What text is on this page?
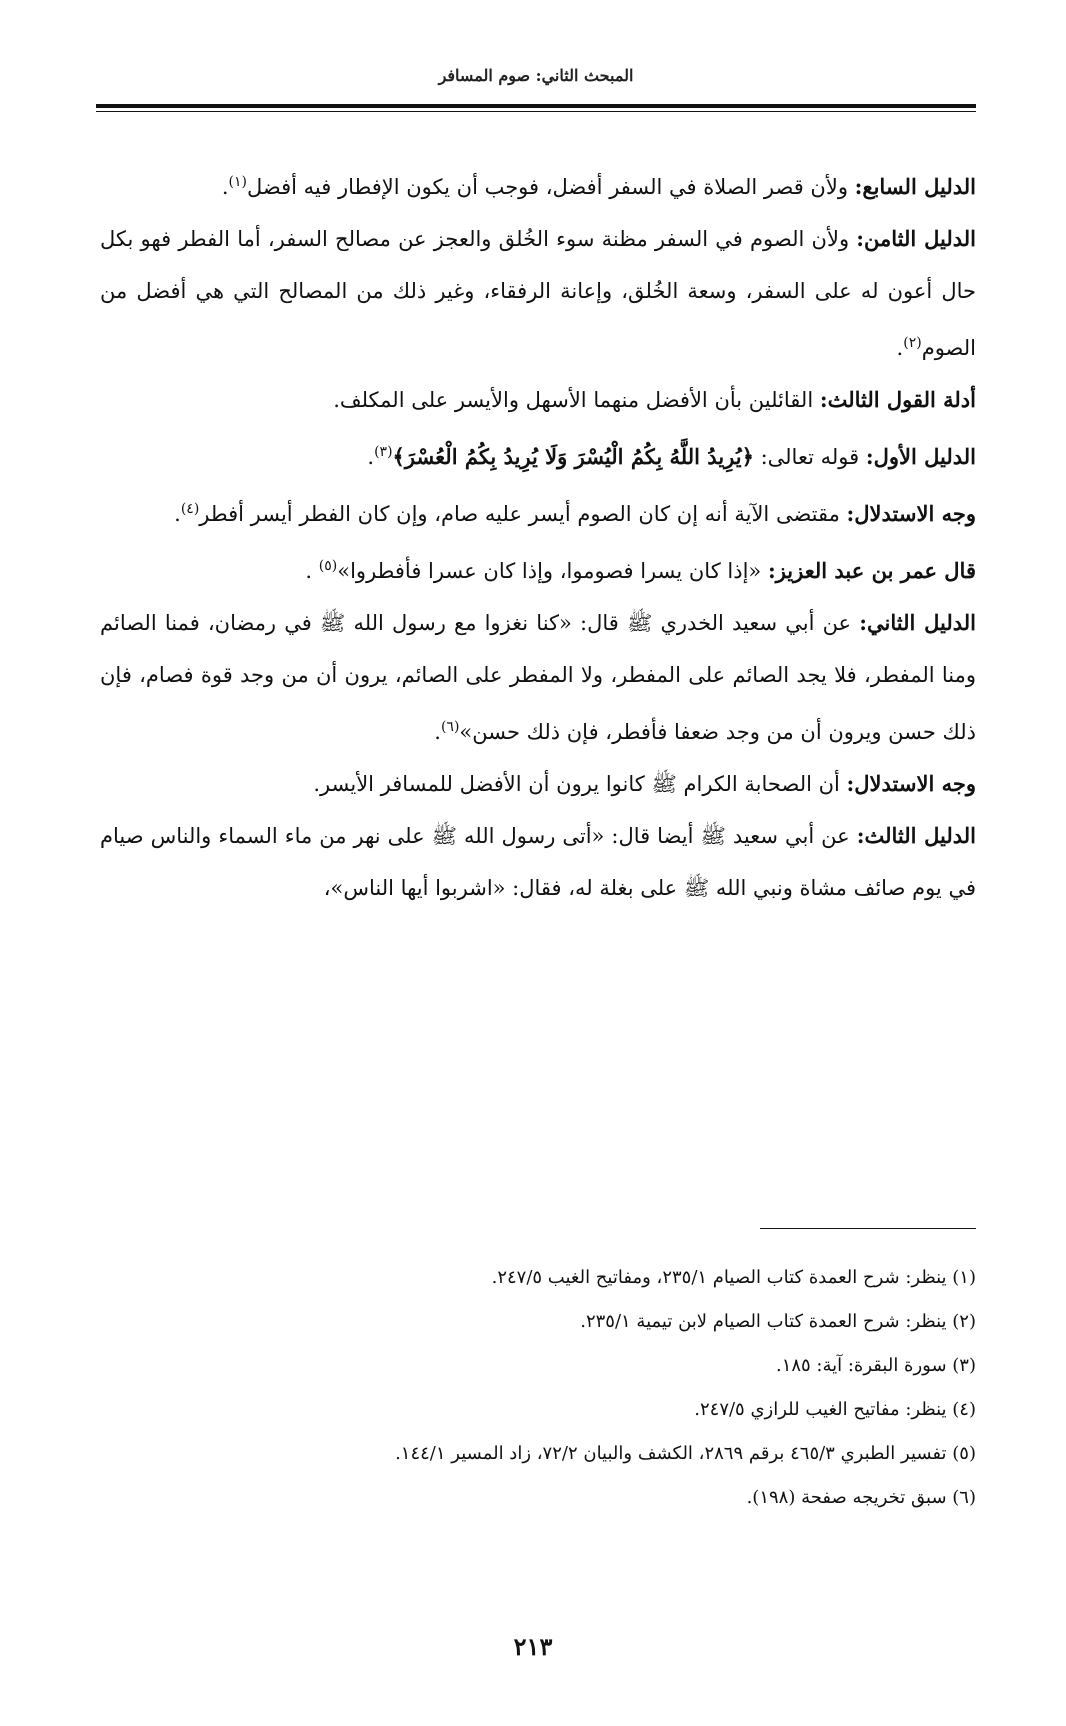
المبحث الثاني: صوم المسافر

الدليل السابع: ولأن قصر الصلاة في السفر أفضل، فوجب أن يكون الإفطار فيه أفضل$^{(١)}$.

الدليل الثامن: ولأن الصوم في السفر مظنة سوء الخُلق والعجز عن مصالح السفر، أما الفطر فهو بكل حال أعون له على السفر، وسعة الخُلق، وإعانة الرفقاء، وغير ذلك من المصالح التي هي أفضل من الصوم$^{(٢)}$.

أدلة القول الثالث: القائلين بأن الأفضل منهما الأسهل والأيسر على المكلف.

الدليل الأول: قوله تعالى: ﴿يُرِيدُ اللَّهُ بِكُمُ الْيُسْرَ وَلَا يُرِيدُ بِكُمُ الْعُسْرَ﴾$^{(٣)}$.

وجه الاستدلال: مقتضى الآية أنه إن كان الصوم أيسر عليه صام، وإن كان الفطر أيسر أفطر$^{(٤)}$.

قال عمر بن عبد العزيز: «إذا كان يسرا فصوموا، وإذا كان عسرا فأفطروا»$^{(٥)}$ .

الدليل الثاني: عن أبي سعيد الخدري ﷺ قال: «كنا نغزوا مع رسول الله ﷺ في رمضان، فمنا الصائم ومنا المفطر، فلا يجد الصائم على المفطر، ولا المفطر على الصائم، يرون أن من وجد قوة فصام، فإن ذلك حسن ويرون أن من وجد ضعفا فأفطر، فإن ذلك حسن»$^{(٦)}$.

وجه الاستدلال: أن الصحابة الكرام ﷺ كانوا يرون أن الأفضل للمسافر الأيسر.

الدليل الثالث: عن أبي سعيد ﷺ أيضا قال: «أتى رسول الله ﷺ على نهر من ماء السماء والناس صيام في يوم صائف مشاة ونبي الله ﷺ على بغلة له، فقال: «اشربوا أيها الناس»،

(١) ينظر: شرح العمدة كتاب الصيام ٢٣٥/١، ومفاتيح الغيب ٢٤٧/٥.

(٢) ينظر: شرح العمدة كتاب الصيام لابن تيمية ٢٣٥/١.

(٣) سورة البقرة: آية: ١٨٥.

(٤) ينظر: مفاتيح الغيب للرازي ٢٤٧/٥.

(٥) تفسير الطبري ٤٦٥/٣ برقم ٢٨٦٩، الكشف والبيان ٧٢/٢، زاد المسير ١٤٤/١.

(٦) سبق تخريجه صفحة (١٩٨).

٢١٣
